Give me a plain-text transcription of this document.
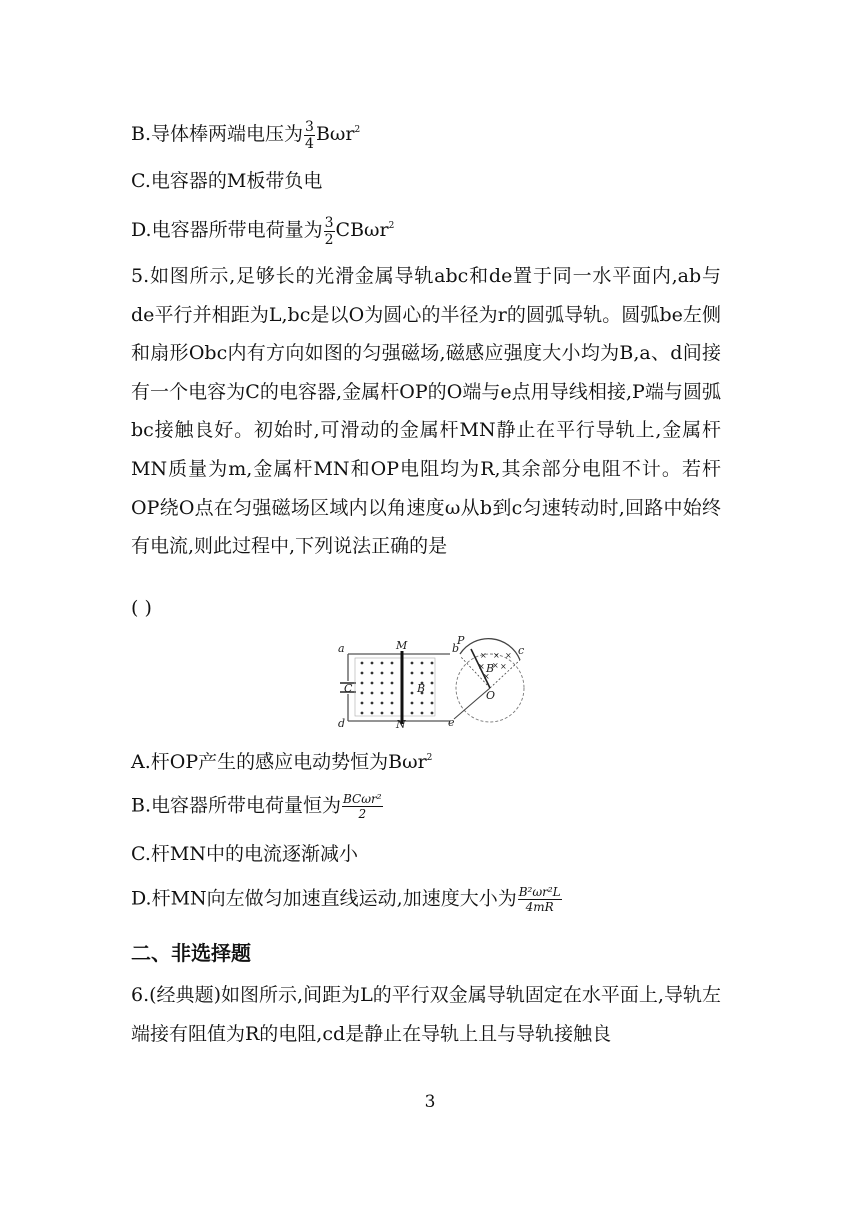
B.导体棒两端电压为 $\frac{3}{4} B\omega r^2$
C.电容器的M板带负电
D.电容器所带电荷量为 $\frac{3}{2} CB\omega r^2$
5.如图所示,足够长的光滑金属导轨abc和de置于同一水平面内,ab与de平行并相距为L,bc是以O为圆心的半径为r的圆弧导轨。圆弧be左侧和扇形Obc内有方向如图的匀强磁场,磁感应强度大小均为B,a、d间接有一个电容为C的电容器,金属杆OP的O端与e点用导线相接,P端与圆弧bc接触良好。初始时,可滑动的金属杆MN静止在平行导轨上,金属杆MN质量为m,金属杆MN和OP电阻均为R,其余部分电阻不计。若杆OP绕O点在匀强磁场区域内以角速度ω从b到c匀速转动时,回路中始终有电流,则此过程中,下列说法正确的是
( )
× × ×
× ×
×
×
a
d
C
M
N
B
b
P
c
B
O
e
A.杆OP产生的感应电动势恒为Bωr$^2$
B.电容器所带电荷量恒为 $\frac{\text{BCωr²}}{2}$
C.杆MN中的电流逐渐减小
D.杆MN向左做匀加速直线运动,加速度大小为 $\frac{\text{B²ωr²L}}{4mR}$
二、非选择题
6.(经典题)如图所示,间距为L的平行双金属导轨固定在水平面上,导轨左端接有阻值为R的电阻,cd是静止在导轨上且与导轨接触良
3
